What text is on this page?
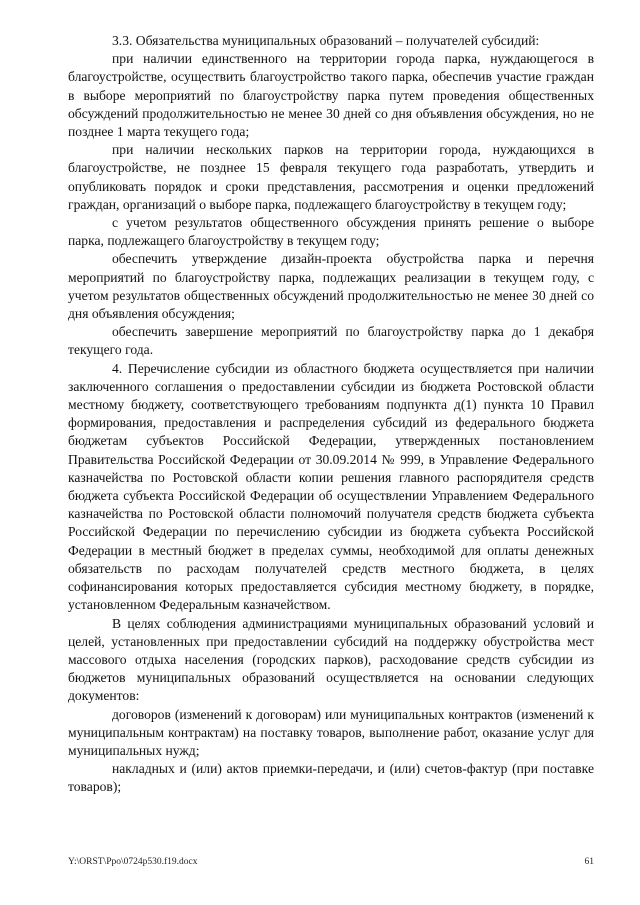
3.3. Обязательства муниципальных образований – получателей субсидий:

при наличии единственного на территории города парка, нуждающегося в благоустройстве, осуществить благоустройство такого парка, обеспечив участие граждан в выборе мероприятий по благоустройству парка путем проведения общественных обсуждений продолжительностью не менее 30 дней со дня объявления обсуждения, но не позднее 1 марта текущего года;

при наличии нескольких парков на территории города, нуждающихся в благоустройстве, не позднее 15 февраля текущего года разработать, утвердить и опубликовать порядок и сроки представления, рассмотрения и оценки предложений граждан, организаций о выборе парка, подлежащего благоустройству в текущем году;

с учетом результатов общественного обсуждения принять решение о выборе парка, подлежащего благоустройству в текущем году;

обеспечить утверждение дизайн-проекта обустройства парка и перечня мероприятий по благоустройству парка, подлежащих реализации в текущем году, с учетом результатов общественных обсуждений продолжительностью не менее 30 дней со дня объявления обсуждения;

обеспечить завершение мероприятий по благоустройству парка до 1 декабря текущего года.

4. Перечисление субсидии из областного бюджета осуществляется при наличии заключенного соглашения о предоставлении субсидии из бюджета Ростовской области местному бюджету, соответствующего требованиям подпункта д(1) пункта 10 Правил формирования, предоставления и распределения субсидий из федерального бюджета бюджетам субъектов Российской Федерации, утвержденных постановлением Правительства Российской Федерации от 30.09.2014 № 999, в Управление Федерального казначейства по Ростовской области копии решения главного распорядителя средств бюджета субъекта Российской Федерации об осуществлении Управлением Федерального казначейства по Ростовской области полномочий получателя средств бюджета субъекта Российской Федерации по перечислению субсидии из бюджета субъекта Российской Федерации в местный бюджет в пределах суммы, необходимой для оплаты денежных обязательств по расходам получателей средств местного бюджета, в целях софинансирования которых предоставляется субсидия местному бюджету, в порядке, установленном Федеральным казначейством.

В целях соблюдения администрациями муниципальных образований условий и целей, установленных при предоставлении субсидий на поддержку обустройства мест массового отдыха населения (городских парков), расходование средств субсидии из бюджетов муниципальных образований осуществляется на основании следующих документов:

договоров (изменений к договорам) или муниципальных контрактов (изменений к муниципальным контрактам) на поставку товаров, выполнение работ, оказание услуг для муниципальных нужд;

накладных и (или) актов приемки-передачи, и (или) счетов-фактур (при поставке товаров);

Y:\ORST\Ppo\0724p530.f19.docx	61
